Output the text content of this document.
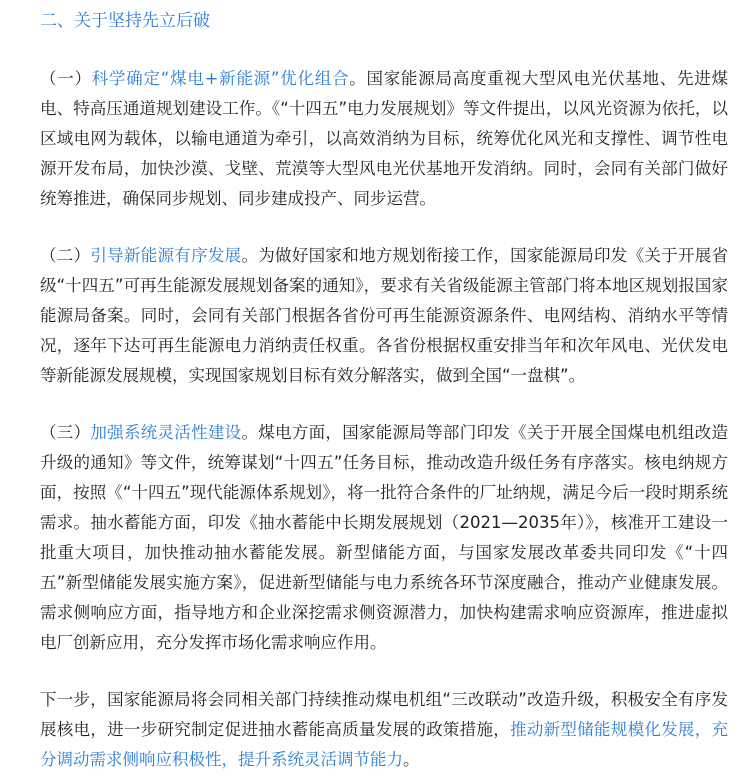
二、关于坚持先立后破

（一）科学确定“煤电+新能源”优化组合。国家能源局高度重视大型风电光伏基地、先进煤电、特高压通道规划建设工作。《“十四五”电力发展规划》等文件提出，以风光资源为依托，以区域电网为载体，以输电通道为牵引，以高效消纳为目标，统筹优化风光和支撑性、调节性电源开发布局，加快沙漠、戈壁、荒漠等大型风电光伏基地开发消纳。同时，会同有关部门做好统筹推进，确保同步规划、同步建成投产、同步运营。

（二）引导新能源有序发展。为做好国家和地方规划衔接工作，国家能源局印发《关于开展省级“十四五”可再生能源发展规划备案的通知》，要求有关省级能源主管部门将本地区规划报国家能源局备案。同时，会同有关部门根据各省份可再生能源资源条件、电网结构、消纳水平等情况，逐年下达可再生能源电力消纳责任权重。各省份根据权重安排当年和次年风电、光伏发电等新能源发展规模，实现国家规划目标有效分解落实，做到全国“一盘棋”。

（三）加强系统灵活性建设。煤电方面，国家能源局等部门印发《关于开展全国煤电机组改造升级的通知》等文件，统筹谋划“十四五”任务目标，推动改造升级任务有序落实。核电纳规方面，按照《“十四五”现代能源体系规划》，将一批符合条件的厂址纳规，满足今后一段时期系统需求。抽水蓄能方面，印发《抽水蓄能中长期发展规划（2021—2035年）》，核准开工建设一批重大项目，加快推动抽水蓄能发展。新型储能方面，与国家发展改革委共同印发《“十四五”新型储能发展实施方案》，促进新型储能与电力系统各环节深度融合，推动产业健康发展。需求侧响应方面，指导地方和企业深挖需求侧资源潜力，加快构建需求响应资源库，推进虚拟电厂创新应用，充分发挥市场化需求响应作用。

下一步，国家能源局将会同相关部门持续推动煤电机组“三改联动”改造升级，积极安全有序发展核电，进一步研究制定促进抽水蓄能高质量发展的政策措施，推动新型储能规模化发展，充分调动需求侧响应积极性，提升系统灵活调节能力。
